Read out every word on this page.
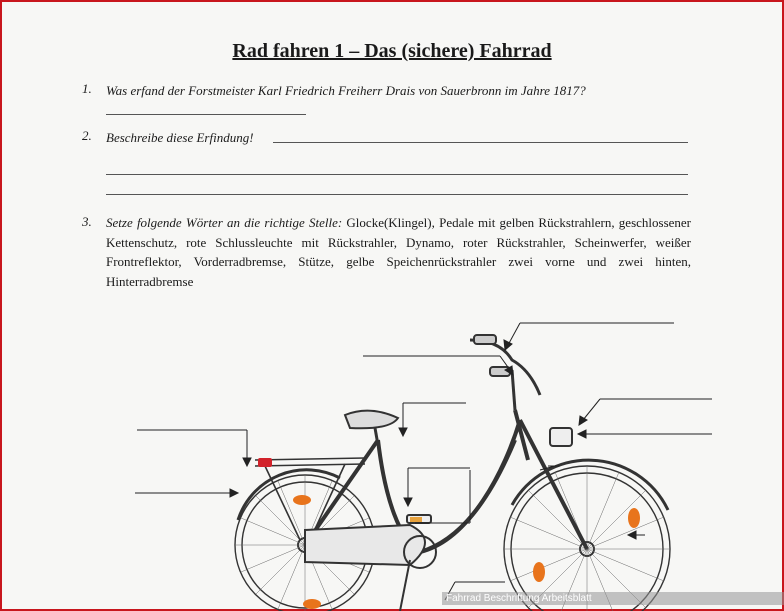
Rad fahren 1 – Das (sichere) Fahrrad
1. Was erfand der Forstmeister Karl Friedrich Freiherr Drais von Sauerbronn im Jahre 1817?
2. Beschreibe diese Erfindung!
3. Setze folgende Wörter an die richtige Stelle: Glocke(Klingel), Pedale mit gelben Rückstrahlern, geschlossener Kettenschutz, rote Schlussleuchte mit Rückstrahler, Dynamo, roter Rückstrahler, Scheinwerfer, weißer Frontreflektor, Vorderradbremse, Stütze, gelbe Speichenrückstrahler zwei vorne und zwei hinten, Hinterradbremse
Fahrrad Beschriftung Arbeitsblatt
